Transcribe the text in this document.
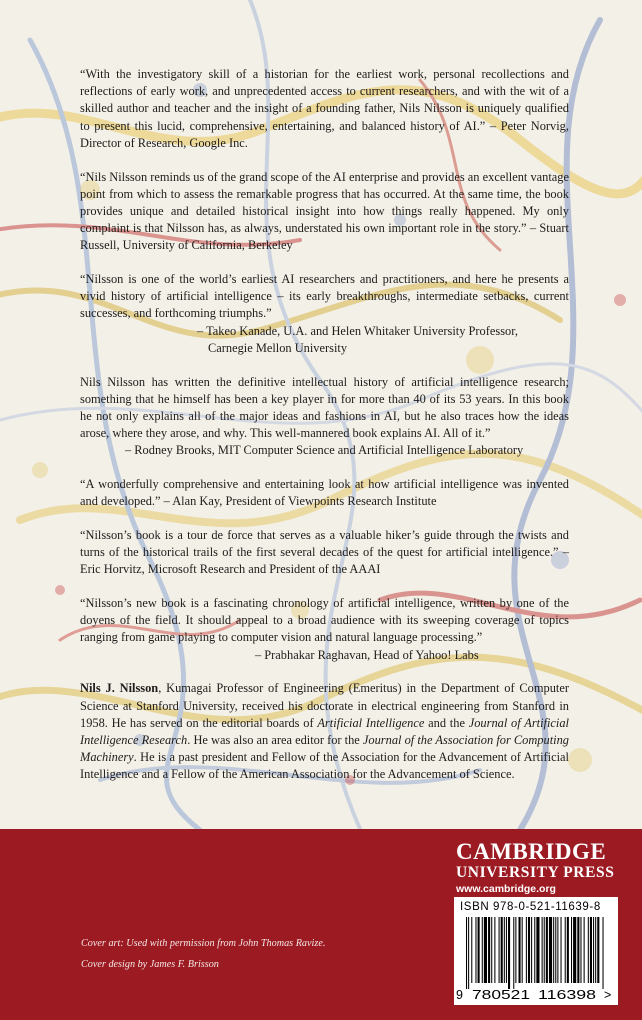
“With the investigatory skill of a historian for the earliest work, personal recollections and reflections of early work, and unprecedented access to current researchers, and with the wit of a skilled author and teacher and the insight of a founding father, Nils Nilsson is uniquely qualified to present this lucid, comprehensive, entertaining, and balanced history of AI.” – Peter Norvig, Director of Research, Google Inc.

“Nils Nilsson reminds us of the grand scope of the AI enterprise and provides an excellent vantage point from which to assess the remarkable progress that has occurred. At the same time, the book provides unique and detailed historical insight into how things really happened. My only complaint is that Nilsson has, as always, understated his own important role in the story.” – Stuart Russell, University of California, Berkeley

“Nilsson is one of the world’s earliest AI researchers and practitioners, and here he presents a vivid history of artificial intelligence – its early breakthroughs, intermediate setbacks, current successes, and forthcoming triumphs.”
– Takeo Kanade, U.A. and Helen Whitaker University Professor,
Carnegie Mellon University

Nils Nilsson has written the definitive intellectual history of artificial intelligence research; something that he himself has been a key player in for more than 40 of its 53 years. In this book he not only explains all of the major ideas and fashions in AI, but he also traces how the ideas arose, where they arose, and why. This well-mannered book explains AI. All of it.”
– Rodney Brooks, MIT Computer Science and Artificial Intelligence Laboratory

“A wonderfully comprehensive and entertaining look at how artificial intelligence was invented and developed.” – Alan Kay, President of Viewpoints Research Institute

“Nilsson’s book is a tour de force that serves as a valuable hiker’s guide through the twists and turns of the historical trails of the first several decades of the quest for artificial intelligence.” – Eric Horvitz, Microsoft Research and President of the AAAI

“Nilsson’s new book is a fascinating chronology of artificial intelligence, written by one of the doyens of the field. It should appeal to a broad audience with its sweeping coverage of topics ranging from game playing to computer vision and natural language processing.”
– Prabhakar Raghavan, Head of Yahoo! Labs

Nils J. Nilsson, Kumagai Professor of Engineering (Emeritus) in the Department of Computer Science at Stanford University, received his doctorate in electrical engineering from Stanford in 1958. He has served on the editorial boards of Artificial Intelligence and the Journal of Artificial Intelligence Research. He was also an area editor for the Journal of the Association for Computing Machinery. He is a past president and Fellow of the Association for the Advancement of Artificial Intelligence and a Fellow of the American Association for the Advancement of Science.

CAMBRIDGE
UNIVERSITY PRESS
www.cambridge.org
Cover art: Used with permission from John Thomas Ravize.
Cover design by James F. Brisson
ISBN 978-0-521-11639-8
9 780521 116398 >
